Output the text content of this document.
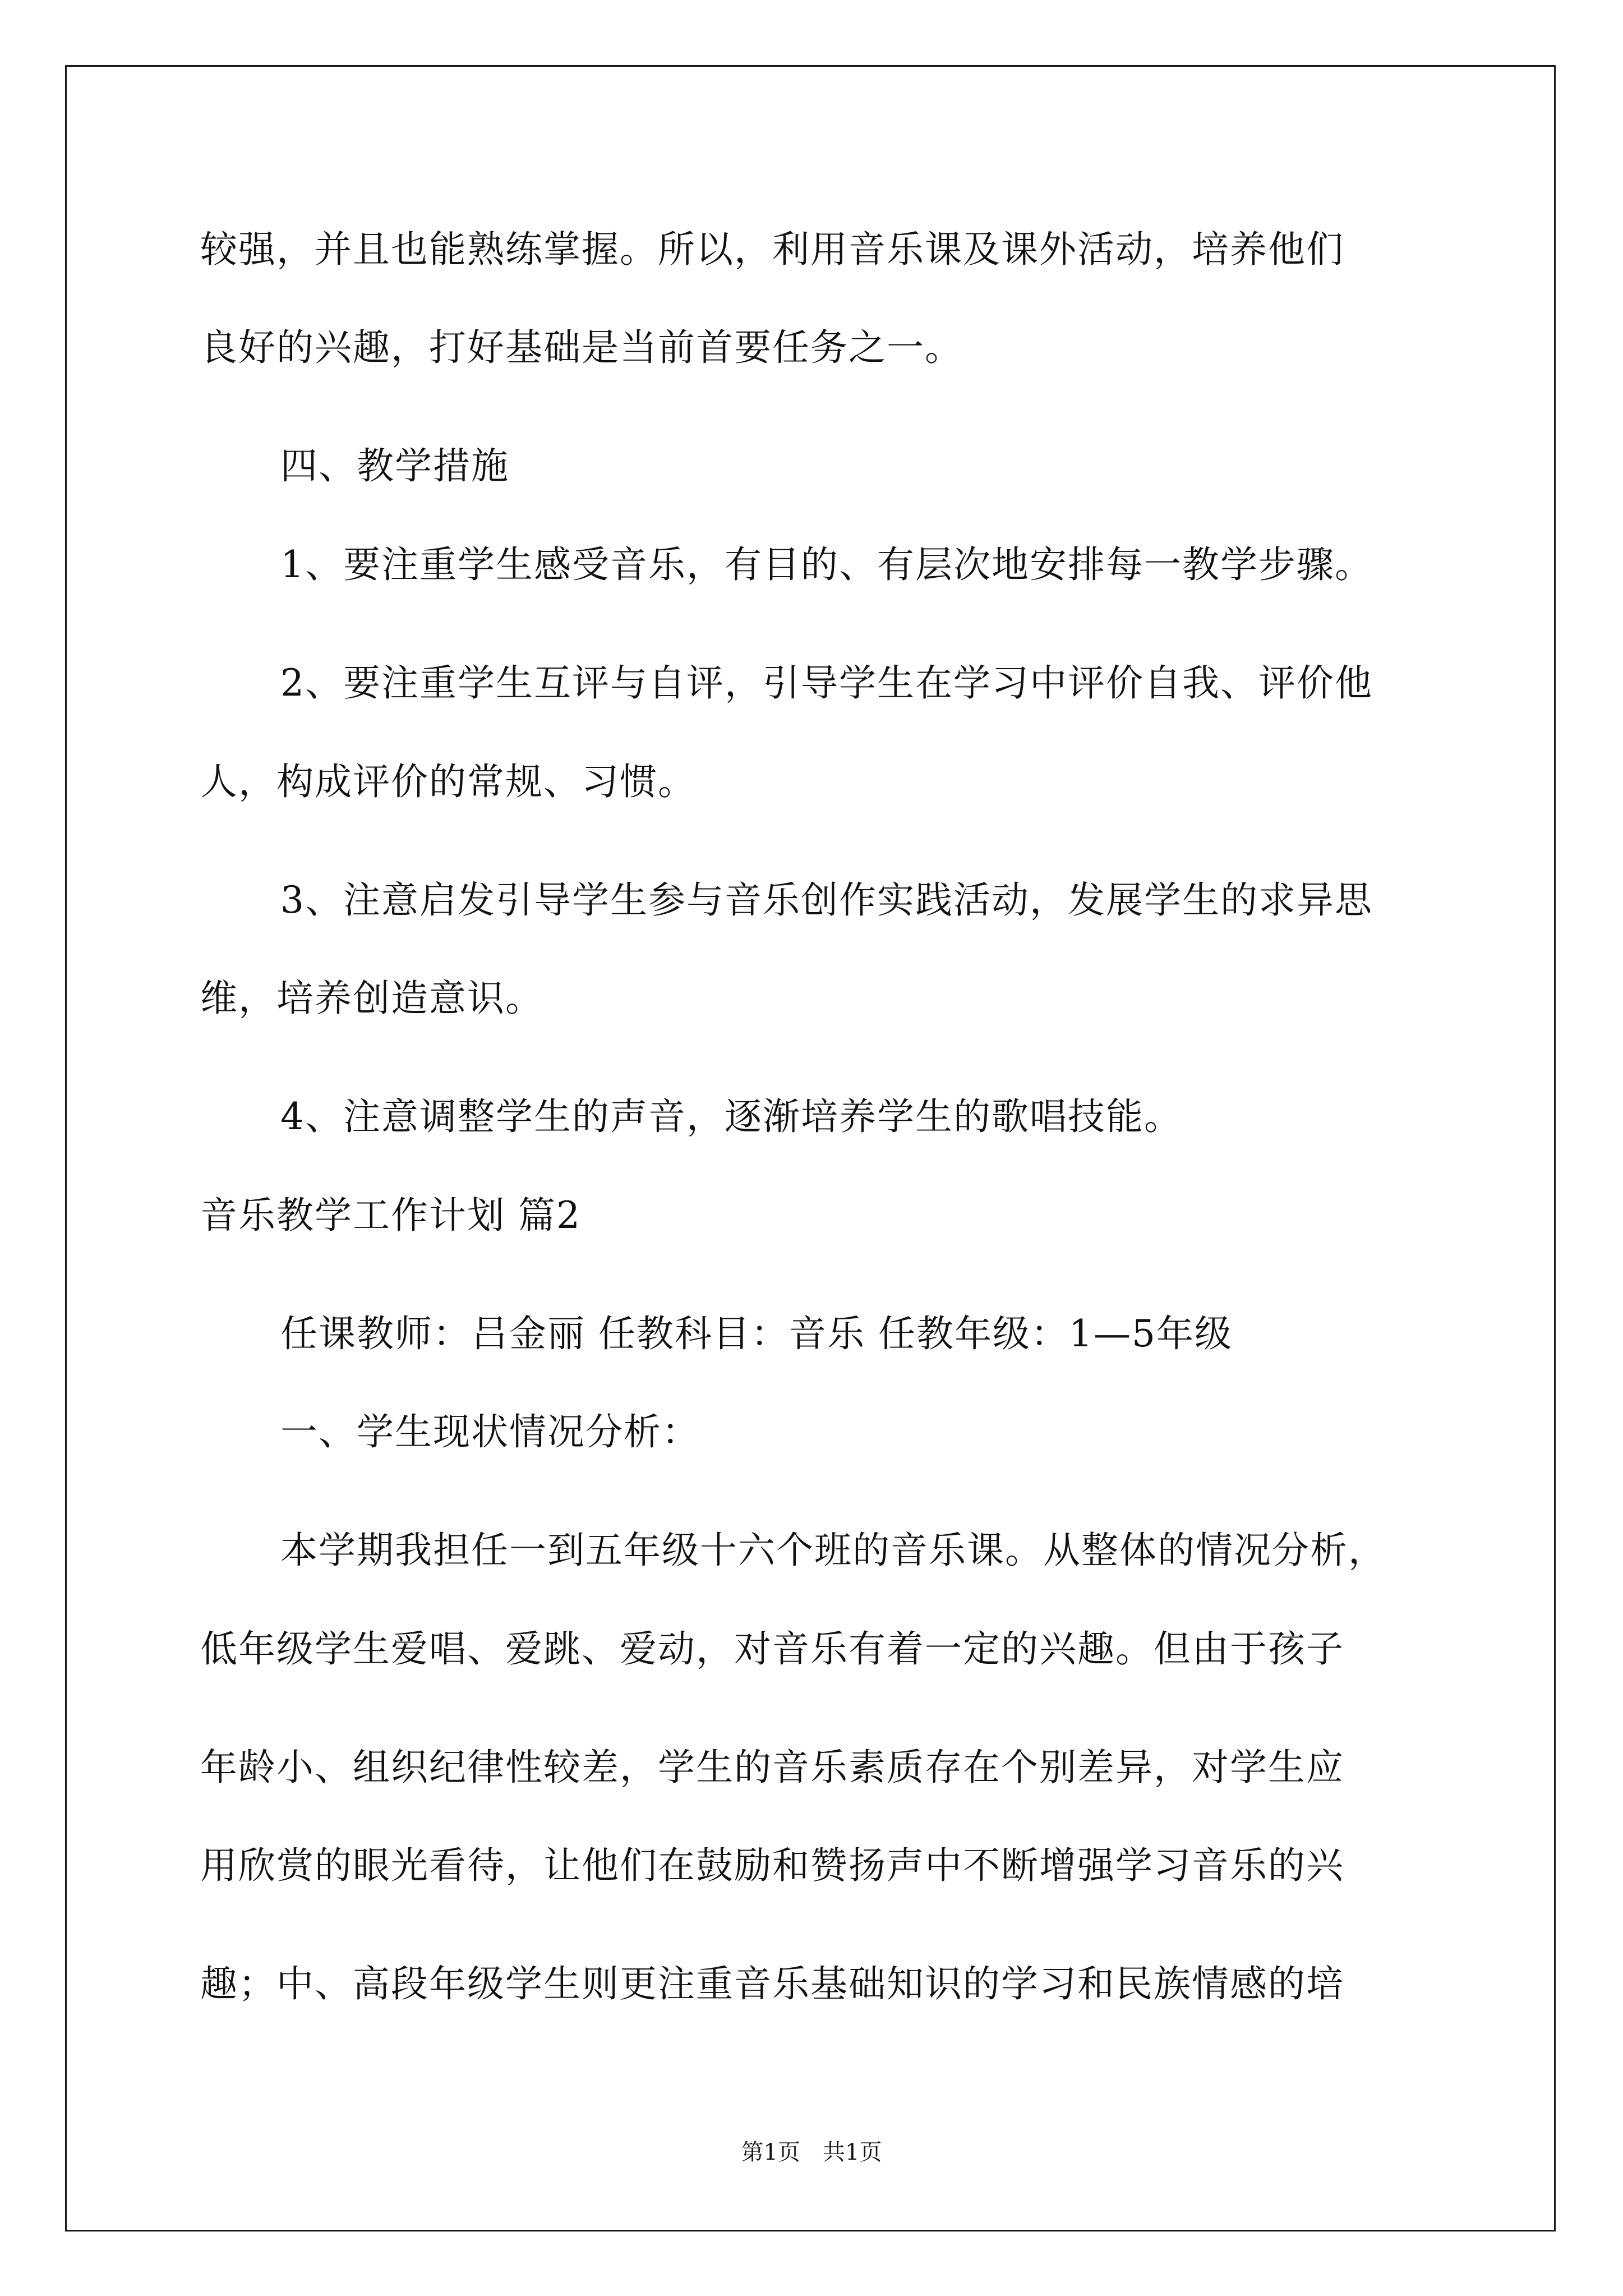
较强，并且也能熟练掌握。所以，利用音乐课及课外活动，培养他们
良好的兴趣，打好基础是当前首要任务之一。
四、教学措施
1、要注重学生感受音乐，有目的、有层次地安排每一教学步骤。
2、要注重学生互评与自评，引导学生在学习中评价自我、评价他
人，构成评价的常规、习惯。
3、注意启发引导学生参与音乐创作实践活动，发展学生的求异思
维，培养创造意识。
4、注意调整学生的声音，逐渐培养学生的歌唱技能。
音乐教学工作计划 篇2
任课教师：吕金丽 任教科目：音乐 任教年级：1—5年级
一、学生现状情况分析：
本学期我担任一到五年级十六个班的音乐课。从整体的情况分析，
低年级学生爱唱、爱跳、爱动，对音乐有着一定的兴趣。但由于孩子
年龄小、组织纪律性较差，学生的音乐素质存在个别差异，对学生应
用欣赏的眼光看待，让他们在鼓励和赞扬声中不断增强学习音乐的兴
趣；中、高段年级学生则更注重音乐基础知识的学习和民族情感的培
第1页　共1页
